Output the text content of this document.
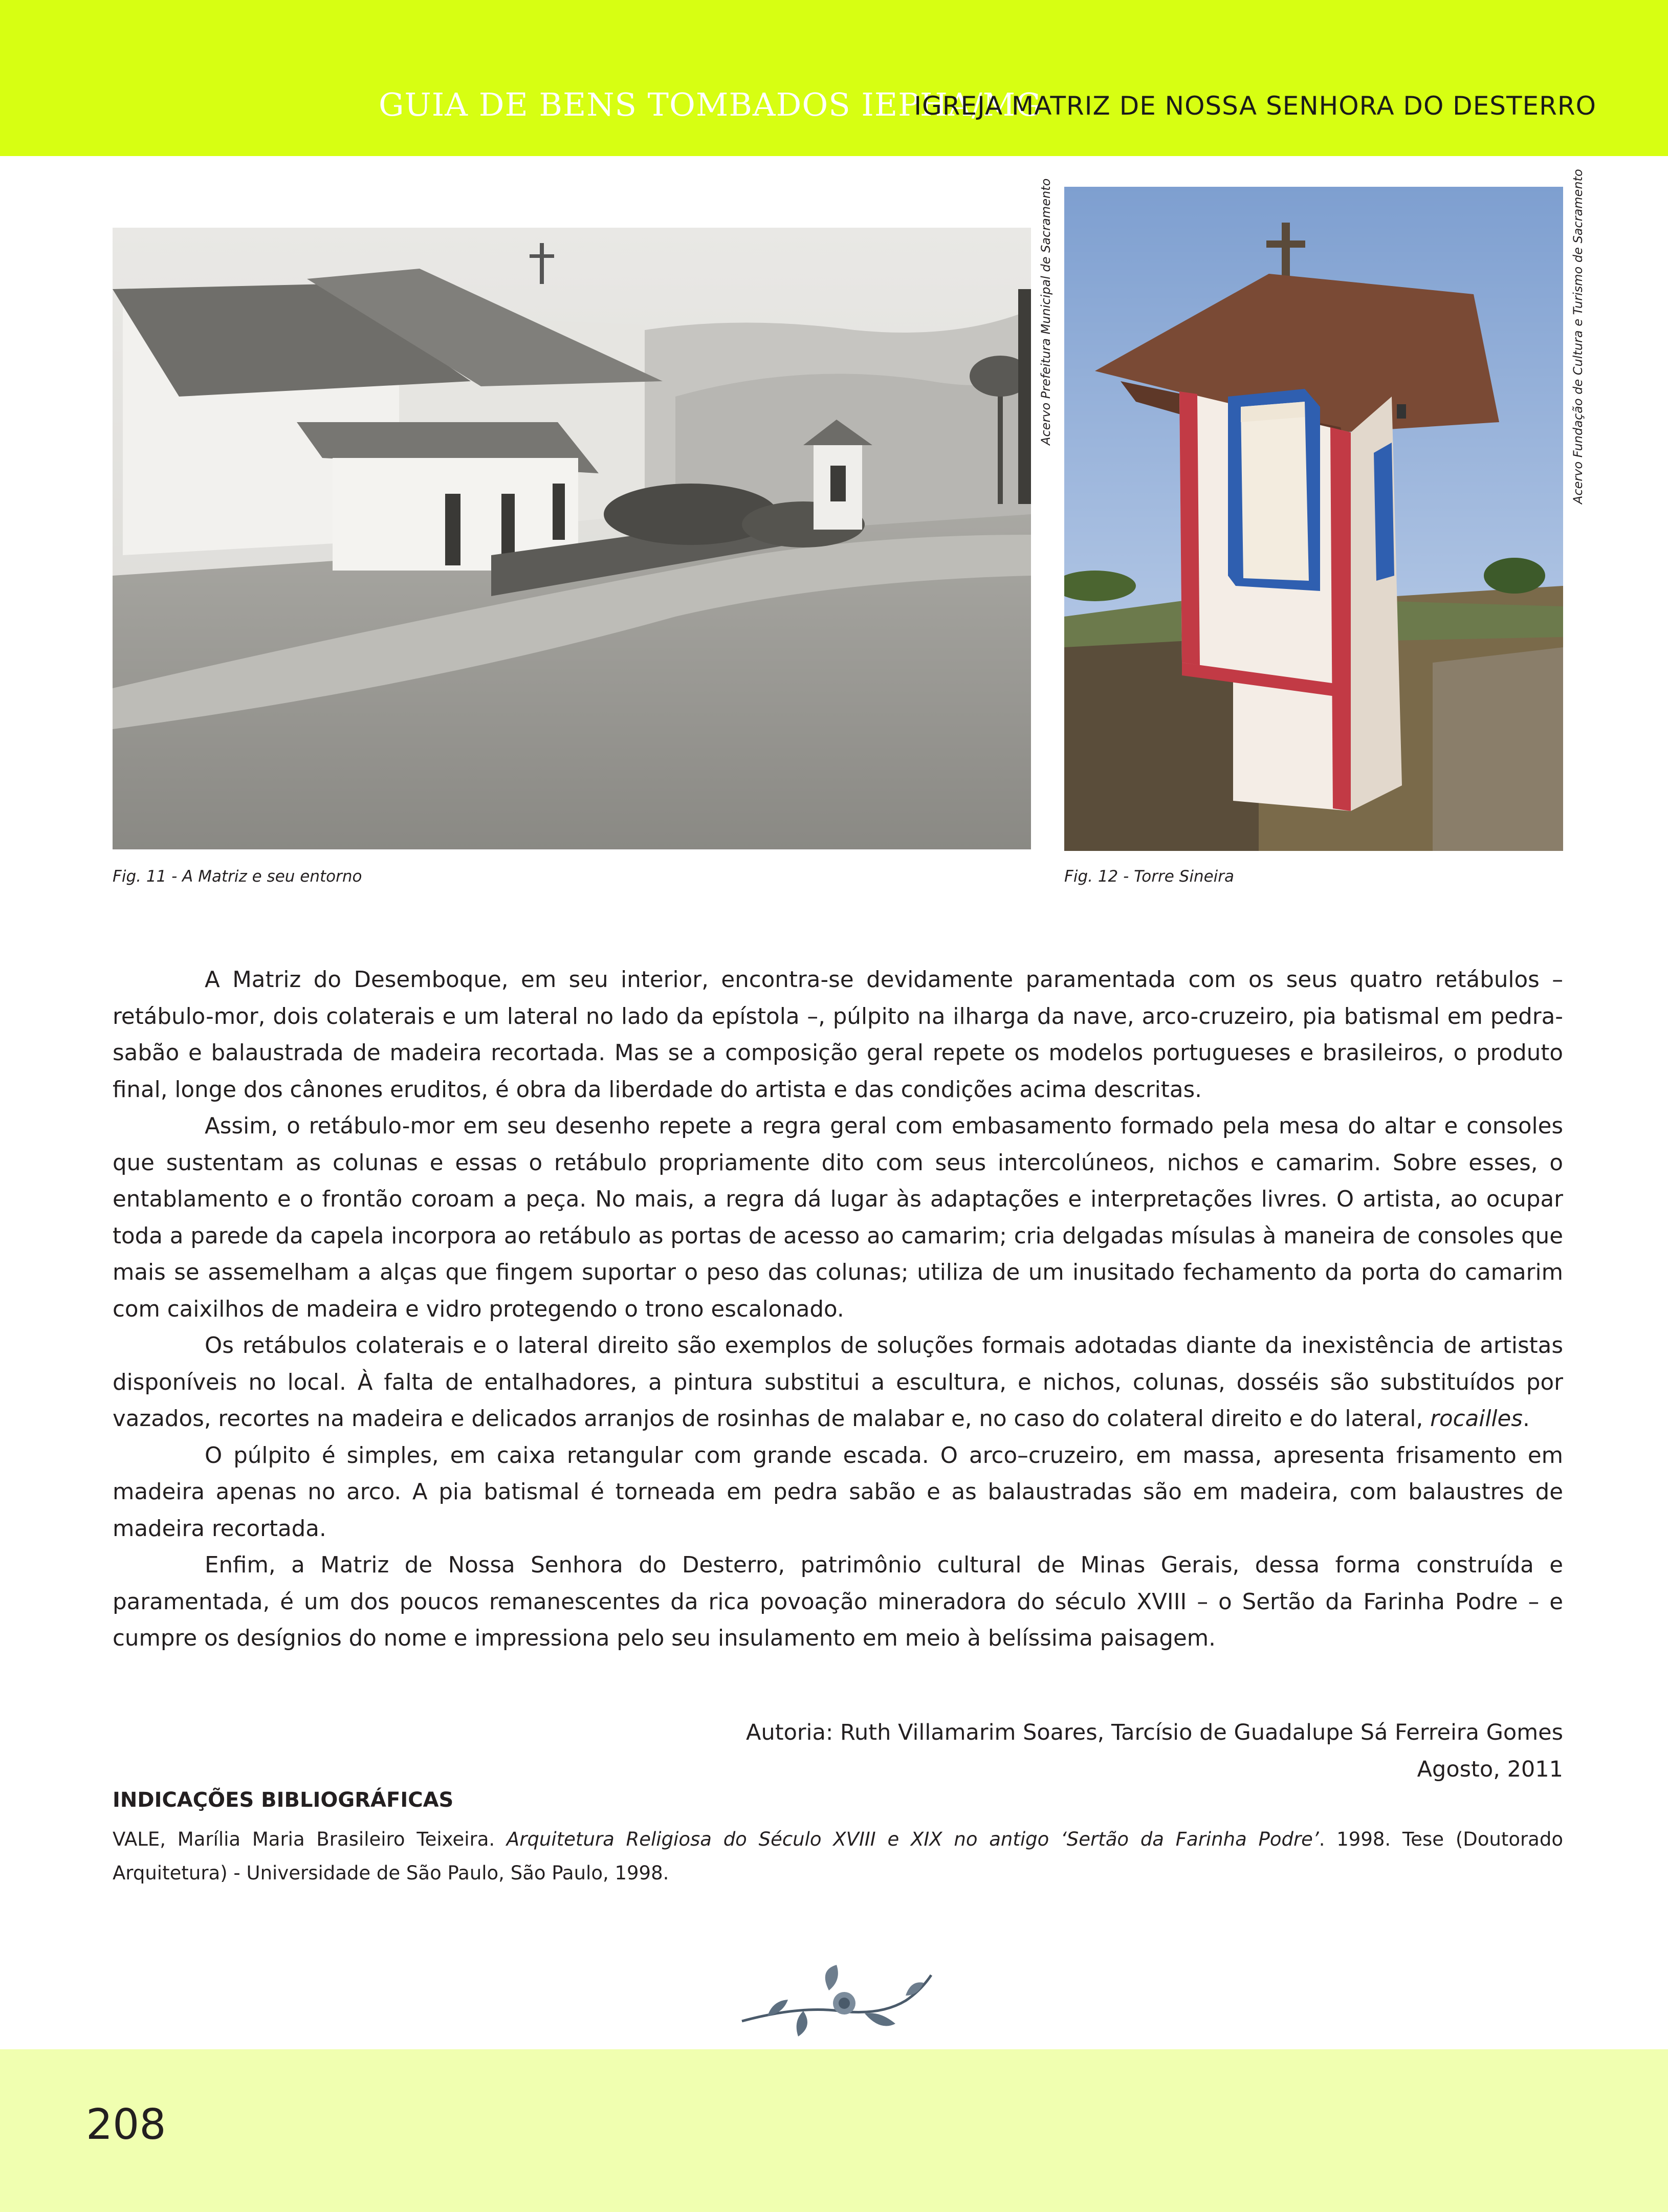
GUIA DE BENS TOMBADOS IEPHA/MG
IGREJA MATRIZ DE NOSSA SENHORA DO DESTERRO
Acervo Prefeitura Municipal de Sacramento	Acervo Fundação de Cultura e Turismo de Sacramento
Fig. 11 - A Matriz e seu entorno	Fig. 12 - Torre Sineira

A Matriz do Desemboque, em seu interior, encontra-se devidamente paramentada com os seus quatro retábulos – retábulo-mor, dois colaterais e um lateral no lado da epístola –, púlpito na ilharga da nave, arco-cruzeiro, pia batismal em pedra-sabão e balaustrada de madeira recortada. Mas se a composição geral repete os modelos portugueses e brasileiros, o produto final, longe dos cânones eruditos, é obra da liberdade do artista e das condições acima descritas.

Assim, o retábulo-mor em seu desenho repete a regra geral com embasamento formado pela mesa do altar e consoles que sustentam as colunas e essas o retábulo propriamente dito com seus intercolúneos, nichos e camarim. Sobre esses, o entablamento e o frontão coroam a peça. No mais, a regra dá lugar às adaptações e interpretações livres. O artista, ao ocupar toda a parede da capela incorpora ao retábulo as portas de acesso ao camarim; cria delgadas mísulas à maneira de consoles que mais se assemelham a alças que fingem suportar o peso das colunas; utiliza de um inusitado fechamento da porta do camarim com caixilhos de madeira e vidro protegendo o trono escalonado.

Os retábulos colaterais e o lateral direito são exemplos de soluções formais adotadas diante da inexistência de artistas disponíveis no local. À falta de entalhadores, a pintura substitui a escultura, e nichos, colunas, dosséis são substituídos por vazados, recortes na madeira e delicados arranjos de rosinhas de malabar e, no caso do colateral direito e do lateral, rocailles.

O púlpito é simples, em caixa retangular com grande escada. O arco–cruzeiro, em massa, apresenta frisamento em madeira apenas no arco. A pia batismal é torneada em pedra sabão e as balaustradas são em madeira, com balaustres de madeira recortada.

Enfim, a Matriz de Nossa Senhora do Desterro, patrimônio cultural de Minas Gerais, dessa forma construída e paramentada, é um dos poucos remanescentes da rica povoação mineradora do século XVIII – o Sertão da Farinha Podre – e cumpre os desígnios do nome e impressiona pelo seu insulamento em meio à belíssima paisagem.

Autoria: Ruth Villamarim Soares, Tarcísio de Guadalupe Sá Ferreira Gomes
Agosto, 2011
INDICAÇÕES BIBLIOGRÁFICAS
VALE, Marília Maria Brasileiro Teixeira. Arquitetura Religiosa do Século XVIII e XIX no antigo ‘Sertão da Farinha Podre’. 1998. Tese (Doutorado Arquitetura) - Universidade de São Paulo, São Paulo, 1998.
208
